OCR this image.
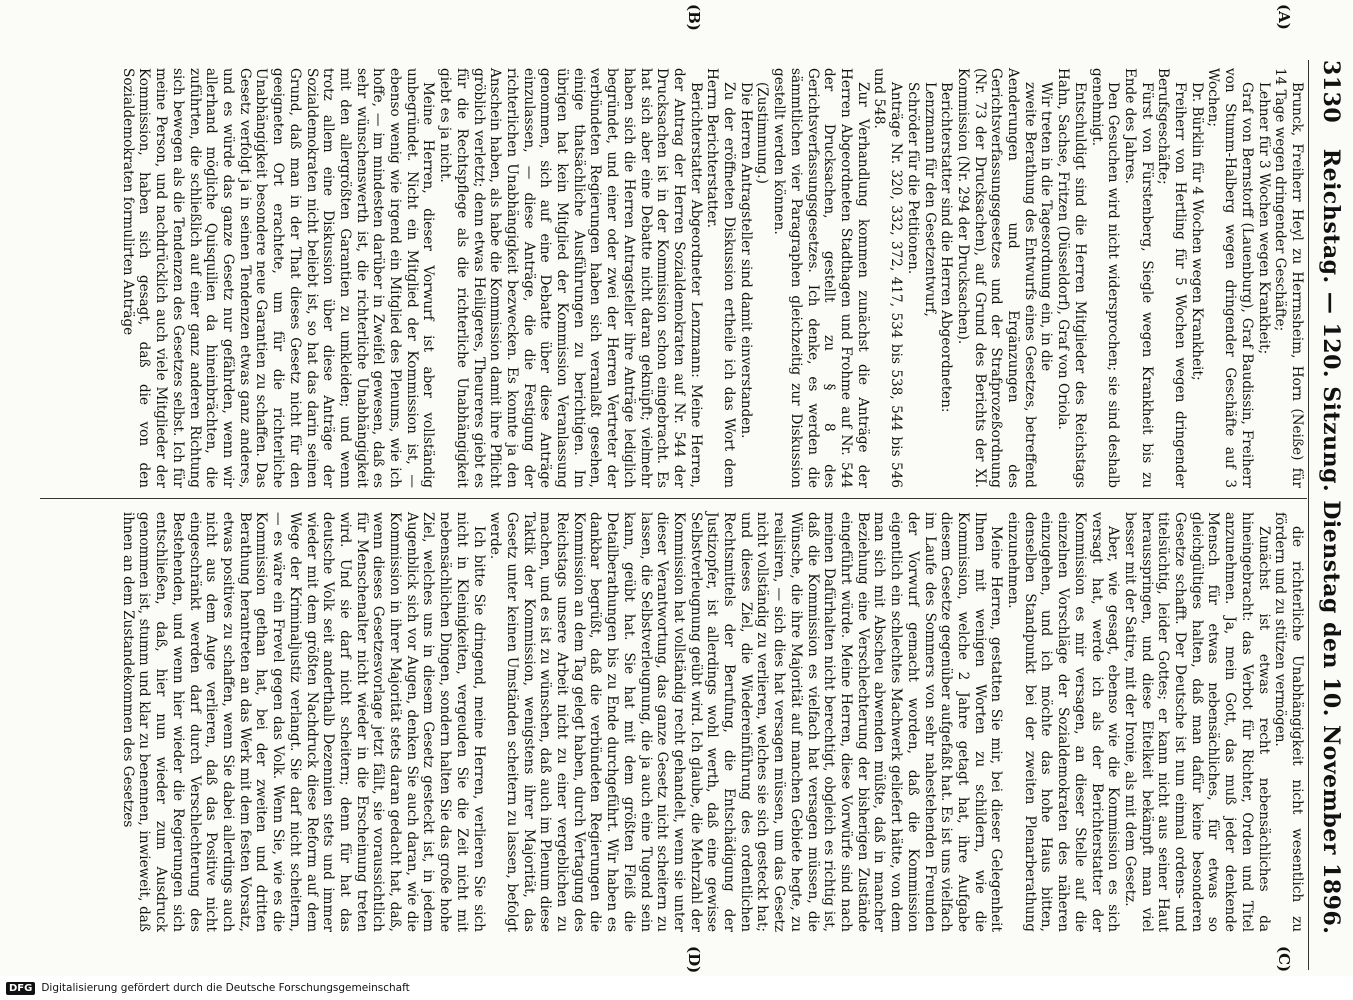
3130
Reichstag. — 120. Sitzung. Dienstag den 10. November 1896.
(A)
(B)
(C)
(D)

Brunck, Freiherr Heyl zu Herrnsheim, Horn (Neiße) für 14 Tage wegen dringender Geschäfte;

Lehner für 3 Wochen wegen Krankheit;

Graf von Bernstorff (Lauenburg), Graf Baudissin, Freiherr von Stumm-Halberg wegen dringender Geschäfte auf 3 Wochen;

Dr. Bürklin für 4 Wochen wegen Krankheit;

Freiherr von Hertling für 5 Wochen wegen dringender Berufsgeschäfte;

Fürst von Fürstenberg, Siegle wegen Krankheit bis zu Ende des Jahres.

Den Gesuchen wird nicht widersprochen; sie sind deshalb genehmigt.

Entschuldigt sind die Herren Mitglieder des Reichstags Hahn, Sachse, Fritzen (Düsseldorf), Graf von Oriola.

Wir treten in die Tagesordnung ein, in die

zweite Berathung des Entwurfs eines Gesetzes, betreffend Aenderungen und Ergänzungen des Gerichtsverfassungsgesetzes und der Strafprozeßordnung (Nr. 73 der Drucksachen), auf Grund des Berichts der XI. Kommission (Nr. 294 der Drucksachen).

Berichterstatter sind die Herren Abgeordneten:

Lenzmann für den Gesetzentwurf,

Schröder für die Petitionen.

Anträge Nr. 320, 332, 372, 417, 534 bis 538, 544 bis 546 und 548.

Zur Verhandlung kommen zunächst die Anträge der Herren Abgeordneten Stadthagen und Frohme auf Nr. 544 der Drucksachen, gestellt zu § 8 des Gerichtsverfassungsgesetzes. Ich denke, es werden die sämmtlichen vier Paragraphen gleichzeitig zur Diskussion gestellt werden können.

(Zustimmung.)

Die Herren Antragsteller sind damit einverstanden.

Zu der eröffneten Diskussion ertheile ich das Wort dem Herrn Berichterstatter.

Berichterstatter Abgeordneter Lenzmann: Meine Herren, der Antrag der Herren Sozialdemokraten auf Nr. 544 der Drucksachen ist in der Kommission schon eingebracht. Es hat sich aber eine Debatte nicht daran geknüpft; vielmehr haben sich die Herren Antragsteller ihre Anträge lediglich begründet, und einer oder zwei der Herren Vertreter der verbündeten Regierungen haben sich veranlaßt gesehen, einige thatsächliche Ausführungen zu berichtigen. Im übrigen hat kein Mitglied der Kommission Veranlassung genommen, sich auf eine Debatte über diese Anträge einzulassen, — diese Anträge, die die Festigung der richterlichen Unabhängigkeit bezwecken. Es konnte ja den Anschein haben, als habe die Kommission damit ihre Pflicht gröblich verletzt; denn etwas Heiligeres, Theureres giebt es für die Rechtspflege als die richterliche Unabhängigkeit giebt es ja nicht.

Meine Herren, dieser Vorwurf ist aber vollständig unbegründet. Nicht ein Mitglied der Kommission ist, — ebenso wenig wie irgend ein Mitglied des Plenums, wie ich hoffe, — im mindesten darüber in Zweifel gewesen, daß es sehr wünschenswerth ist, die richterliche Unabhängigkeit mit den allergrößten Garantien zu umkleiden; und wenn trotz allem eine Diskussion über diese Anträge der Sozialdemokraten nicht beliebt ist, so hat das darin seinen Grund, daß man in der That dieses Gesetz nicht für den geeigneten Ort erachtete, um für die richterliche Unabhängigkeit besondere neue Garantien zu schaffen. Das Gesetz verfolgt ja in seinen Tendenzen etwas ganz anderes, und es würde das ganze Gesetz nur gefährden, wenn wir allerhand mögliche Quisquilien da hineinbrächten, die zuführten, die schließlich auf einer ganz anderen Richtung sich bewegen als die Tendenzen des Gesetzes selbst. Ich für meine Person, und nachdrücklich auch viele Mitglieder der Kommission, haben sich gesagt, daß die von den Sozialdemokraten formulirten Anträge

die richterliche Unabhängigkeit nicht wesentlich zu fördern und zu stützen vermögen.

Zunächst ist etwas recht nebensächliches da hineingebracht: das Verbot für Richter, Orden und Titel anzunehmen. Ja, mein Gott, das muß jeder denkende Mensch für etwas nebensächliches, für etwas so gleichgültiges halten, daß man dafür keine besonderen Gesetze schafft. Der Deutsche ist nun einmal ordens- und titelsüchtig, leider Gottes; er kann nicht aus seiner Haut herausspringen, und diese Eitelkeit bekämpft man viel besser mit der Satire, mit der Ironie, als mit dem Gesetz.

Aber, wie gesagt, ebenso wie die Kommission es sich versagt hat, werde ich als der Berichterstatter der Kommission es mir versagen, an dieser Stelle auf die einzelnen Vorschläge der Sozialdemokraten des näheren einzugehen, und ich möchte das hohe Haus bitten, denselben Standpunkt bei der zweiten Plenarberathung einzunehmen.

Meine Herren, gestatten Sie mir, bei dieser Gelegenheit Ihnen mit wenigen Worten zu schildern, wie die Kommission, welche 2 Jahre getagt hat, ihre Aufgabe diesem Gesetze gegenüber aufgefaßt hat. Es ist uns vielfach im Laufe des Sommers von sehr nahestehenden Freunden der Vorwurf gemacht worden, daß die Kommission eigentlich ein schlechtes Machwerk geliefert hätte, von dem man sich mit Abscheu abwenden müßte, daß in mancher Beziehung eine Verschlechterung der bisherigen Zustände eingeführt würde. Meine Herren, diese Vorwürfe sind nach meinen Dafürhalten nicht berechtigt, obgleich es richtig ist, daß die Kommission es vielfach hat versagen müssen, die Wünsche, die ihre Majorität auf manchen Gebiete hegte, zu realisiren, — sich dies hat versagen müssen, um das Gesetz nicht vollständig zu verlieren, welches sie sich gesteckt hat; und dieses Ziel, die Wiedereinführung des ordentlichen Rechtsmittels der Berufung, die Entschädigung der Justizopfer, ist allerdings wohl werth, daß eine gewisse Selbstverleugnung geübt wird. Ich glaube, die Mehrzahl der Kommission hat vollständig recht gehandelt, wenn sie unter dieser Verantwortung, das ganze Gesetz nicht scheitern zu lassen, die Selbstverleugnung, die ja auch eine Tugend sein kann, geübt hat. Sie hat mit dem größten Fleiß die Detailberathungen bis zu Ende durchgeführt. Wir haben es dankbar begrüßt, daß die verbündeten Regierungen die Kommission an dem Tag gelegt haben, durch Vertagung des Reichstags unsere Arbeit nicht zu einer vergeblichen zu machen, und es ist zu wünschen, daß auch im Plenum diese Taktik der Kommission, wenigstens ihrer Majorität, das Gesetz unter keinen Umständen scheitern zu lassen, befolgt werde.

Ich bitte Sie dringend, meine Herren, verlieren Sie sich nicht in Kleinigkeiten, vergeuden Sie die Zeit nicht mit nebensächlichen Dingen, sondern halten Sie das große hohe Ziel, welches uns in diesem Gesetz gesteckt ist, in jedem Augenblick sich vor Augen, denken Sie auch daran, wie die Kommission in ihrer Majorität stets daran gedacht hat, daß, wenn dieses Gesetzesvorlage jetzt fällt, sie voraussichtlich für Menschenalter nicht wieder in die Erscheinung treten wird. Und sie darf nicht scheitern; denn für hat das deutsche Volk seit anderthalb Dezennien stets und immer wieder mit dem größten Nachdruck diese Reform auf dem Wege der Kriminaljustiz verlangt. Sie darf nicht scheitern, — es wäre ein Frevel gegen das Volk. Wenn Sie, wie es die Kommission gethan hat, bei der zweiten und dritten Berathung herantreten an das Werk mit dem festen Vorsatz, etwas positives zu schaffen, wenn Sie dabei allerdings auch nicht aus dem Auge verlieren, daß das Positive nicht eingeschränkt werden darf durch Verschlechterung des Bestehenden, und wenn hier wieder die Regierungen sich entschließen, daß, hier nun wieder zum Ausdruck genommen ist, stumm und klar zu benennen, inwieweit, daß ihnen an dem Zustandekommen des Gesetzes

DFG Digitalisierung gefördert durch die Deutsche Forschungsgemeinschaft
